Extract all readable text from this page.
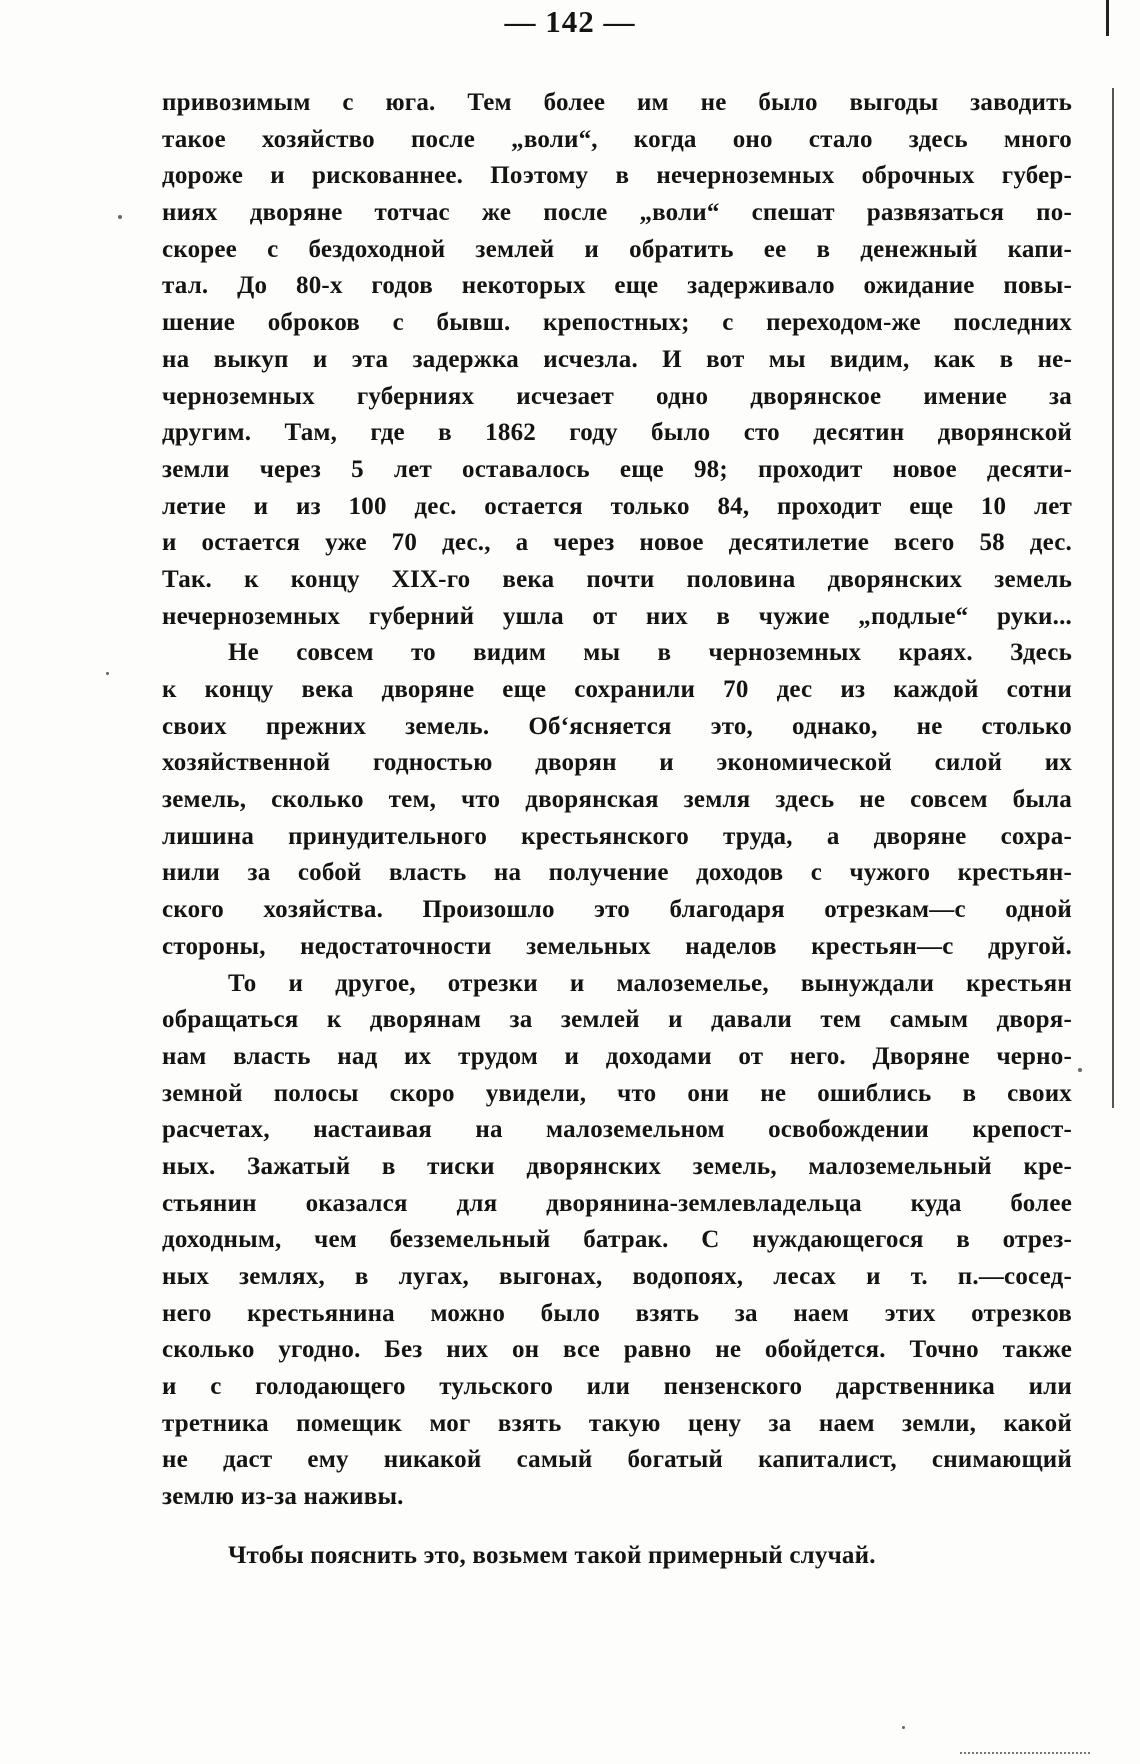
— 142 —
привозимым с юга. Тем более им не было выгоды заводить
такое хозяйство после „воли“, когда оно стало здесь много
дороже и рискованнее. Поэтому в нечерноземных оброчных губер-
ниях дворяне тотчас же после „воли“ спешат развязаться по-
скорее с бездоходной землей и обратить ее в денежный капи-
тал. До 80-х годов некоторых еще задерживало ожидание повы-
шение оброков с бывш. крепостных; с переходом-же последних
на выкуп и эта задержка исчезла. И вот мы видим, как в не-
черноземных губерниях исчезает одно дворянское имение за
другим. Там, где в 1862 году было сто десятин дворянской
земли через 5 лет оставалось еще 98; проходит новое десяти-
летие и из 100 дес. остается только 84, проходит еще 10 лет
и остается уже 70 дес., а через новое десятилетие всего 58 дес.
Так. к концу XIX-го века почти половина дворянских земель
нечерноземных губерний ушла от них в чужие „подлые“ руки...
Не совсем то видим мы в черноземных краях. Здесь
к концу века дворяне еще сохранили 70 дес из каждой сотни
своих прежних земель. Об‘ясняется это, однако, не столько
хозяйственной годностью дворян и экономической силой их
земель, сколько тем, что дворянская земля здесь не совсем была
лишина принудительного крестьянского труда, а дворяне сохра-
нили за собой власть на получение доходов с чужого крестьян-
ского хозяйства. Произошло это благодаря отрезкам—с одной
стороны, недостаточности земельных наделов крестьян—с другой.
То и другое, отрезки и малоземелье, вынуждали крестьян
обращаться к дворянам за землей и давали тем самым дворя-
нам власть над их трудом и доходами от него. Дворяне черно-
земной полосы скоро увидели, что они не ошиблись в своих
расчетах, настаивая на малоземельном освобождении крепост-
ных. Зажатый в тиски дворянских земель, малоземельный кре-
стьянин оказался для дворянина-землевладельца куда более
доходным, чем безземельный батрак. С нуждающегося в отрез-
ных землях, в лугах, выгонах, водопоях, лесах и т. п.—сосед-
него крестьянина можно было взять за наем этих отрезков
сколько угодно. Без них он все равно не обойдется. Точно также
и с голодающего тульского или пензенского дарственника или
третника помещик мог взять такую цену за наем земли, какой
не даст ему никакой самый богатый капиталист, снимающий
землю из-за наживы.
Чтобы пояснить это, возьмем такой примерный случай.
